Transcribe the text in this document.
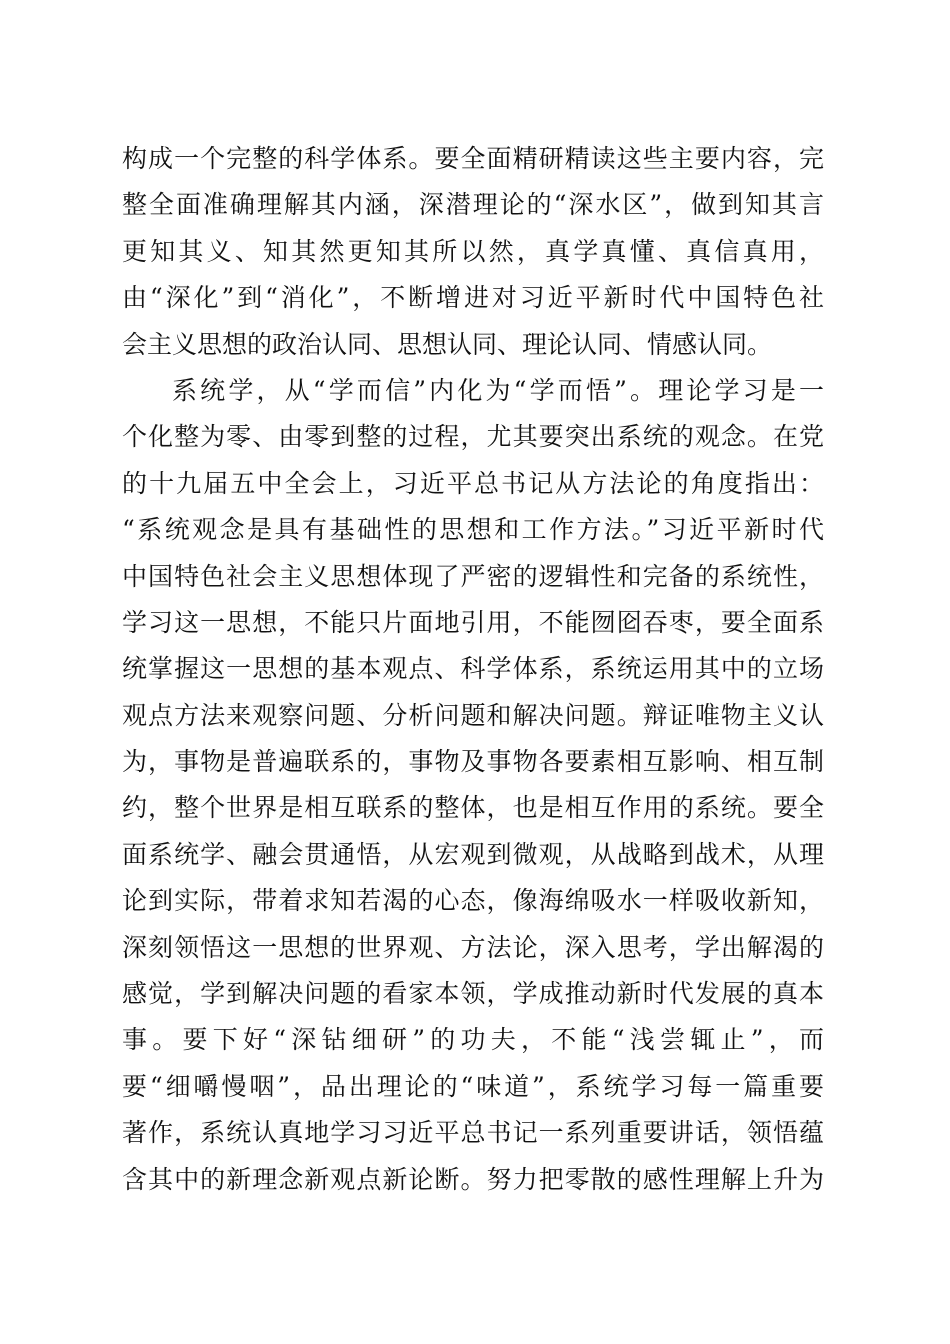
构成一个完整的科学体系。要全面精研精读这些主要内容，完
整全面准确理解其内涵，深潜理论的“深水区”，做到知其言
更知其义、知其然更知其所以然，真学真懂、真信真用，
由“深化”到“消化”，不断增进对习近平新时代中国特色社
会主义思想的政治认同、思想认同、理论认同、情感认同。
系统学，从“学而信”内化为“学而悟”。理论学习是一
个化整为零、由零到整的过程，尤其要突出系统的观念。在党
的十九届五中全会上，习近平总书记从方法论的角度指出：
“系统观念是具有基础性的思想和工作方法。”习近平新时代
中国特色社会主义思想体现了严密的逻辑性和完备的系统性，
学习这一思想，不能只片面地引用，不能囫囵吞枣，要全面系
统掌握这一思想的基本观点、科学体系，系统运用其中的立场
观点方法来观察问题、分析问题和解决问题。辩证唯物主义认
为，事物是普遍联系的，事物及事物各要素相互影响、相互制
约，整个世界是相互联系的整体，也是相互作用的系统。要全
面系统学、融会贯通悟，从宏观到微观，从战略到战术，从理
论到实际，带着求知若渴的心态，像海绵吸水一样吸收新知，
深刻领悟这一思想的世界观、方法论，深入思考，学出解渴的
感觉，学到解决问题的看家本领，学成推动新时代发展的真本
事。要下好“深钻细研”的功夫，不能“浅尝辄止”，而
要“细嚼慢咽”，品出理论的“味道”，系统学习每一篇重要
著作，系统认真地学习习近平总书记一系列重要讲话，领悟蕴
含其中的新理念新观点新论断。努力把零散的感性理解上升为
